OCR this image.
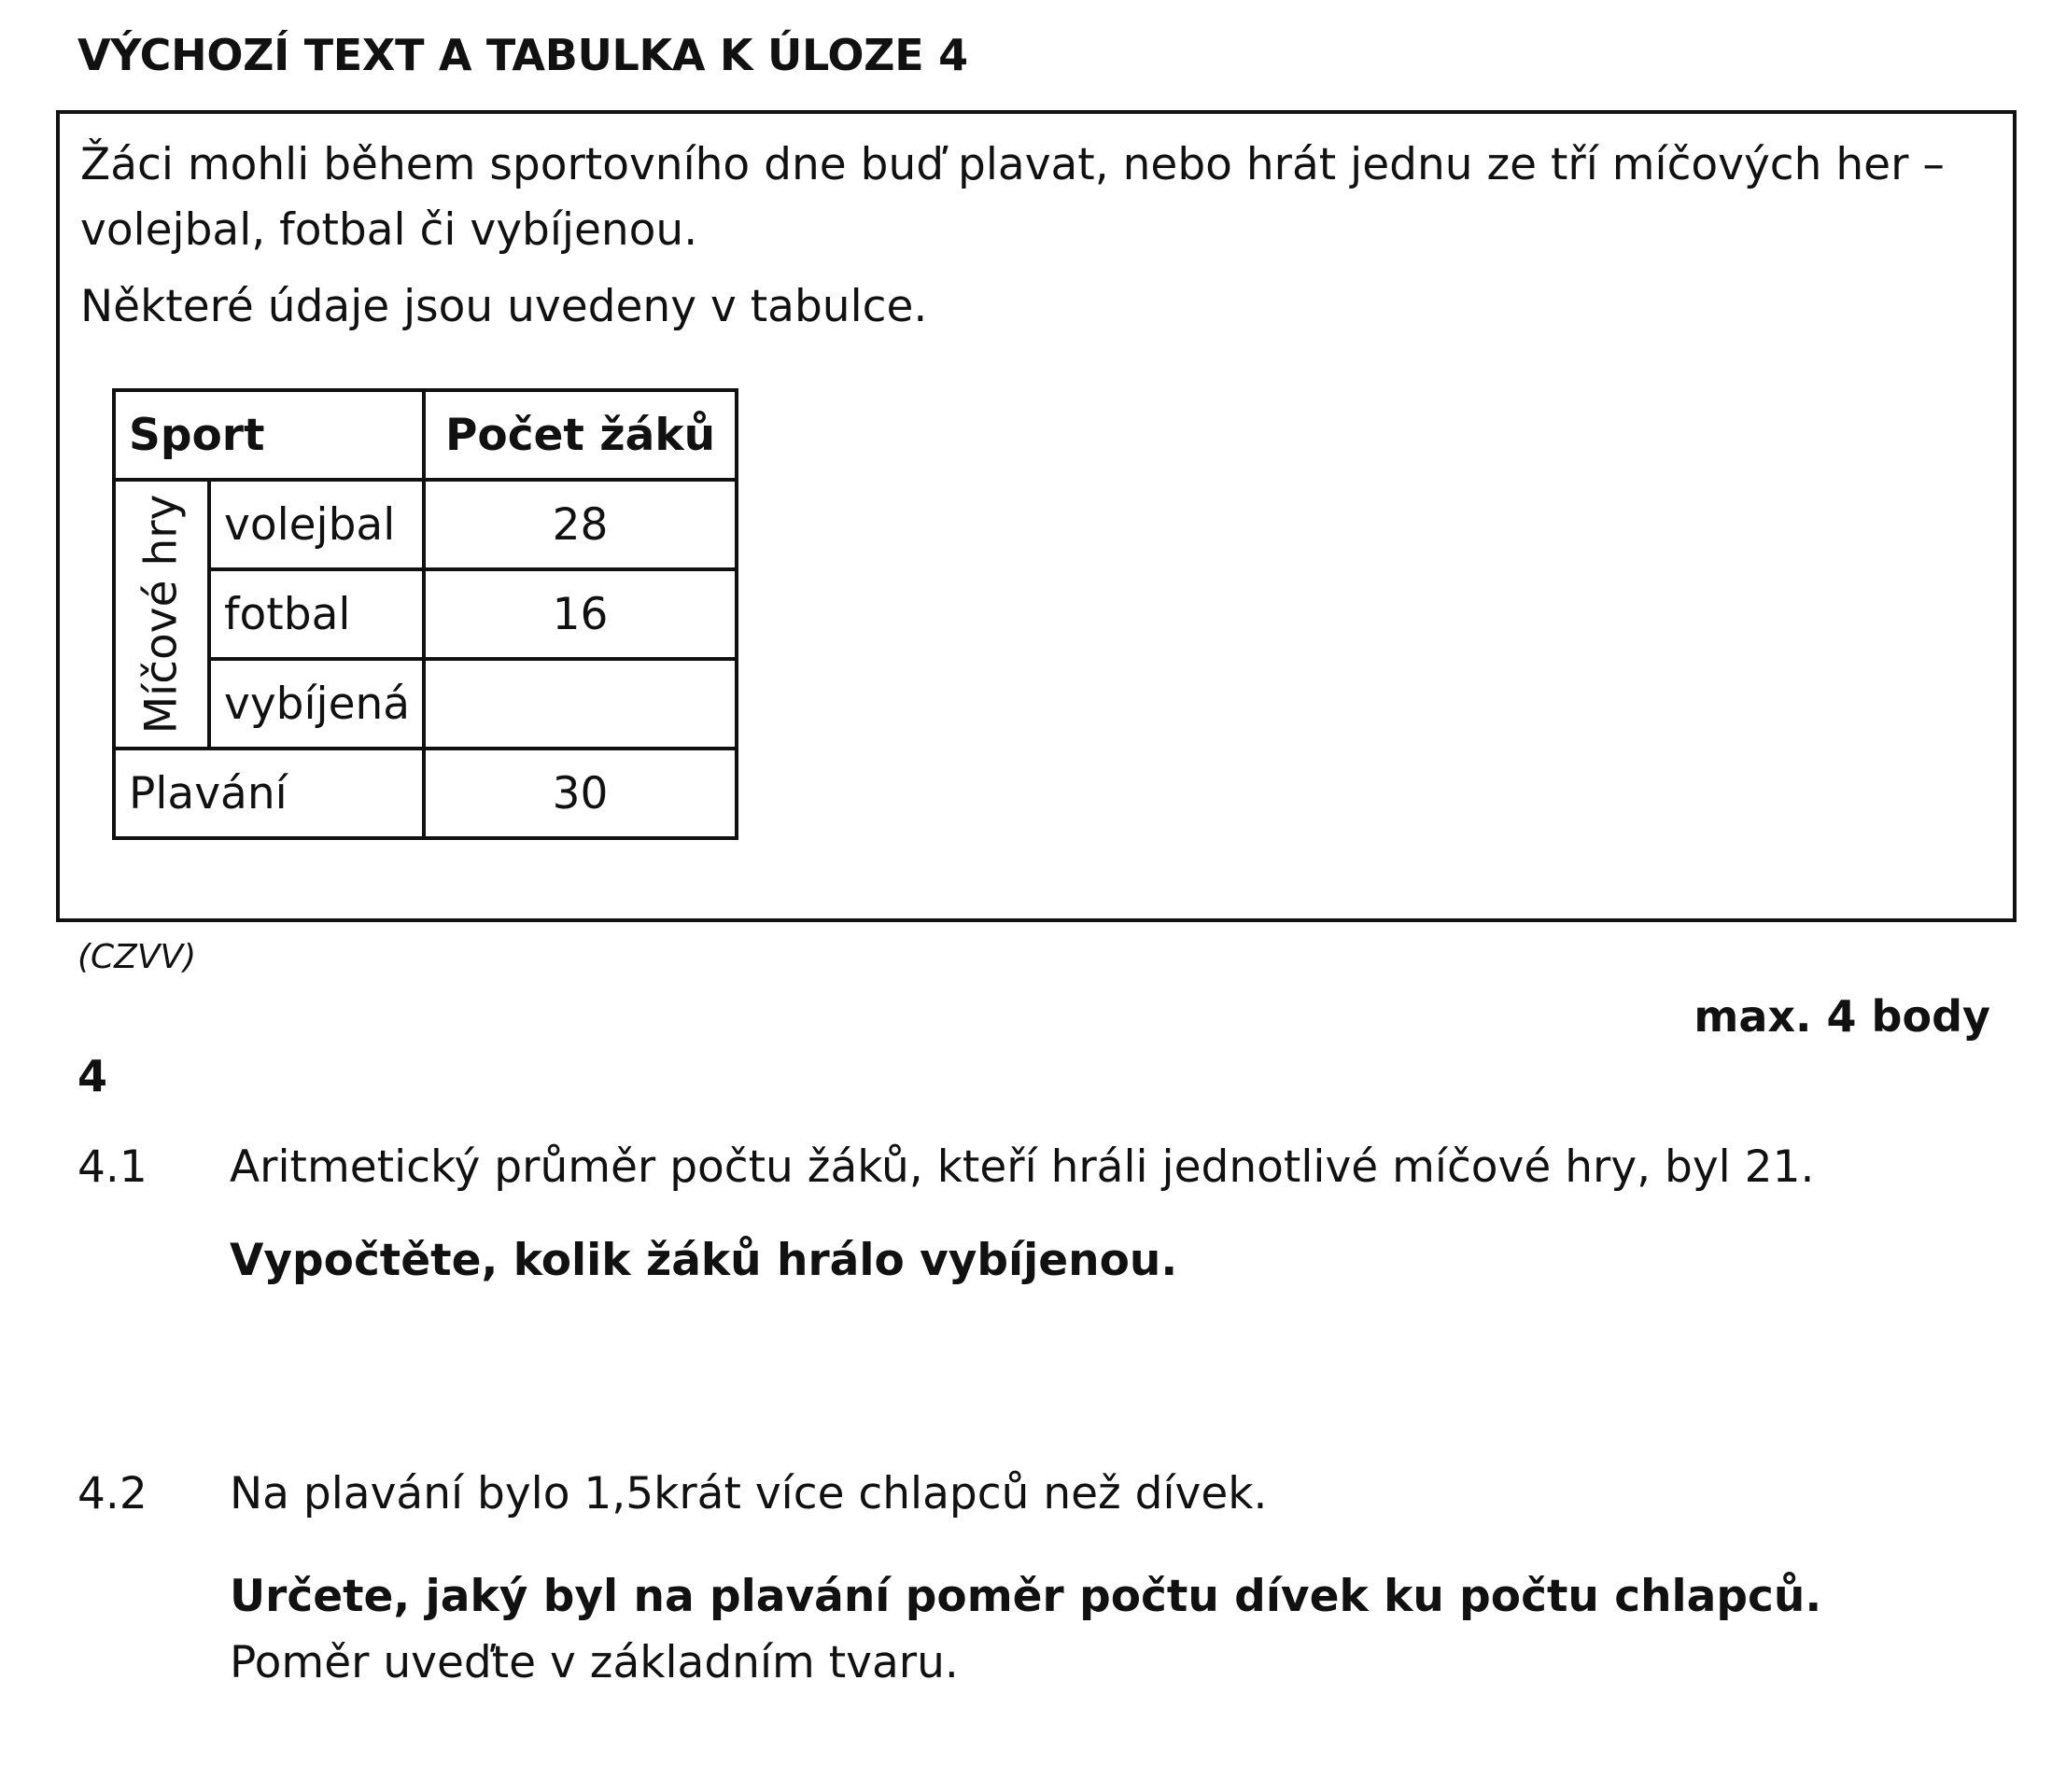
VÝCHOZÍ TEXT A TABULKA K ÚLOZE 4

Žáci mohli během sportovního dne buď plavat, nebo hrát jednu ze tří míčových her – volejbal, fotbal či vybíjenou.

Některé údaje jsou uvedeny v tabulce.

Sport		Počet žáků

Míčové hry	volejbal	28
	fotbal	16
	vybíjená	
Plavání		30
(CZVV)
max. 4 body
4
4.1 Aritmetický průměr počtu žáků, kteří hráli jednotlivé míčové hry, byl 21.
Vypočtěte, kolik žáků hrálo vybíjenou.
4.2 Na plavání bylo 1,5krát více chlapců než dívek.
Určete, jaký byl na plavání poměr počtu dívek ku počtu chlapců.
Poměr uveďte v základním tvaru.
